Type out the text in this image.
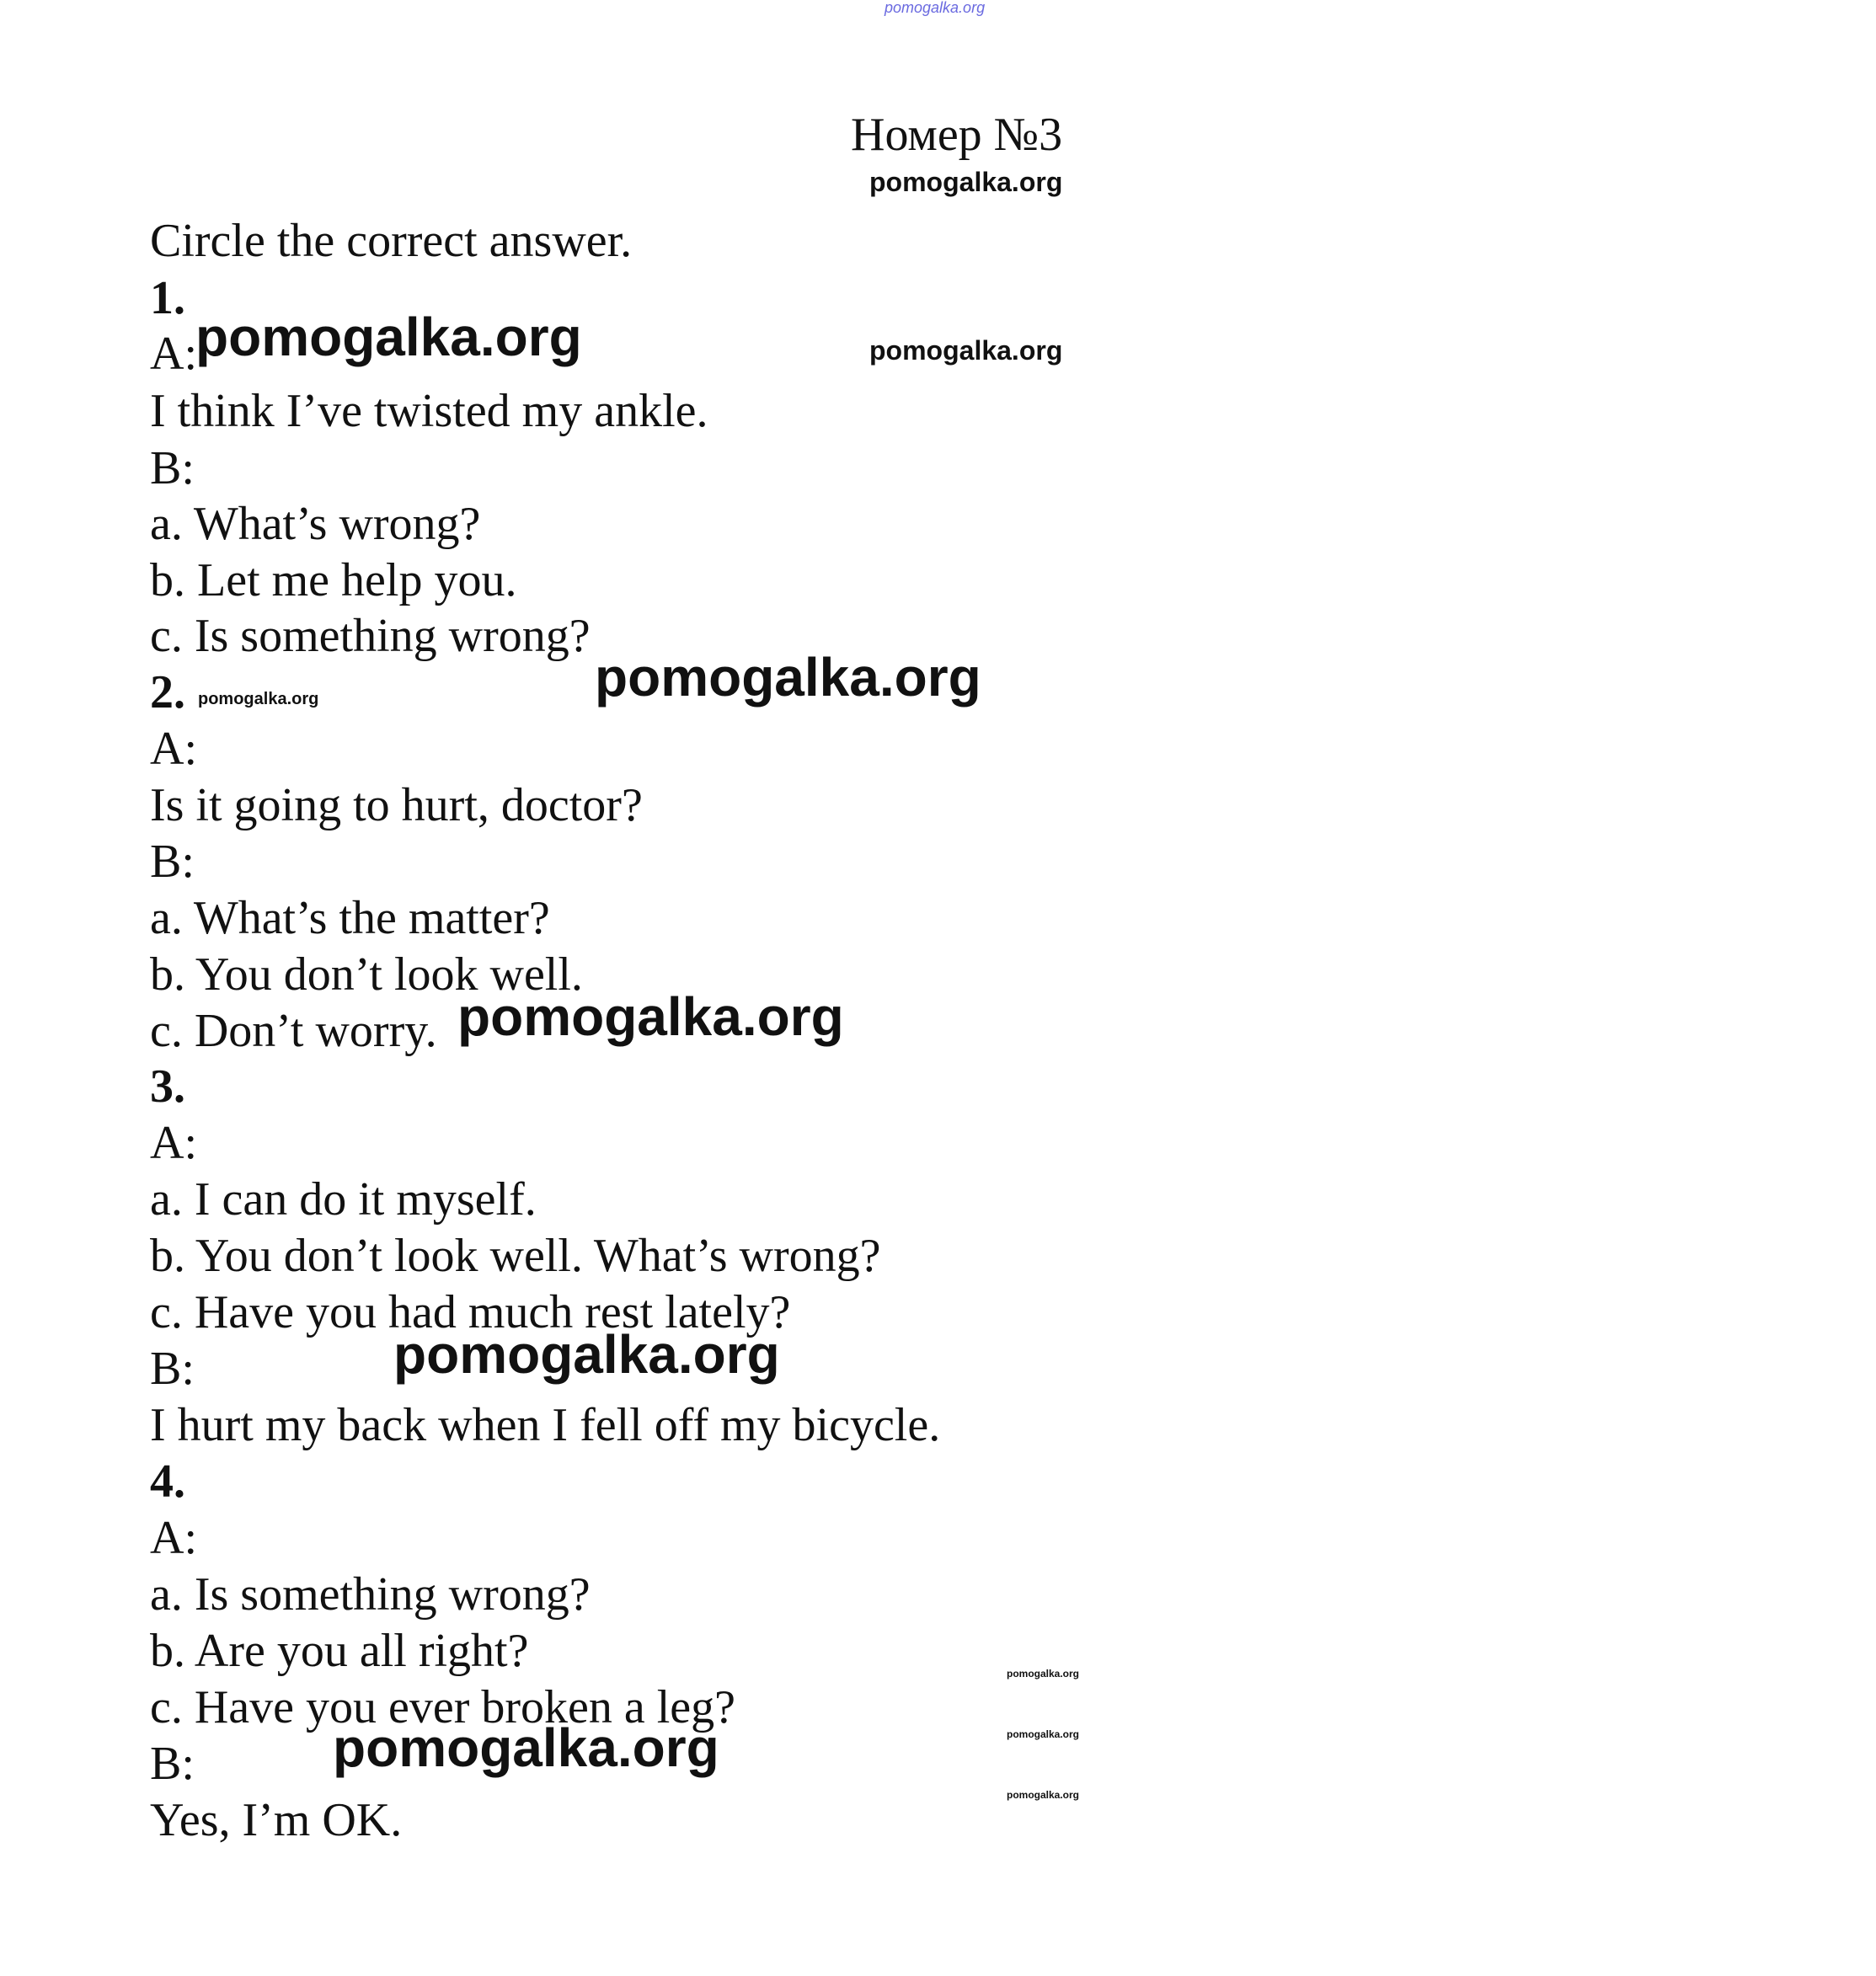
pomogalka.org
Номер №3
pomogalka.org
Circle the correct answer.
1.
A:
pomogalka.org	pomogalka.org
I think I’ve twisted my ankle.
B:
a. What’s wrong?
b. Let me help you.
c. Is something wrong?
2. pomogalka.org	pomogalka.org
A:
Is it going to hurt, doctor?
B:
a. What’s the matter?
b. You don’t look well.
c. Don’t worry. pomogalka.org
3.
A:
a. I can do it myself.
b. You don’t look well. What’s wrong?
c. Have you had much rest lately?
B:	pomogalka.org
I hurt my back when I fell off my bicycle.
4.
A:
a. Is something wrong?
b. Are you all right?	pomogalka.org
c. Have you ever broken a leg?
pomogalka.org
B:	pomogalka.org
pomogalka.org
Yes, I’m OK.
